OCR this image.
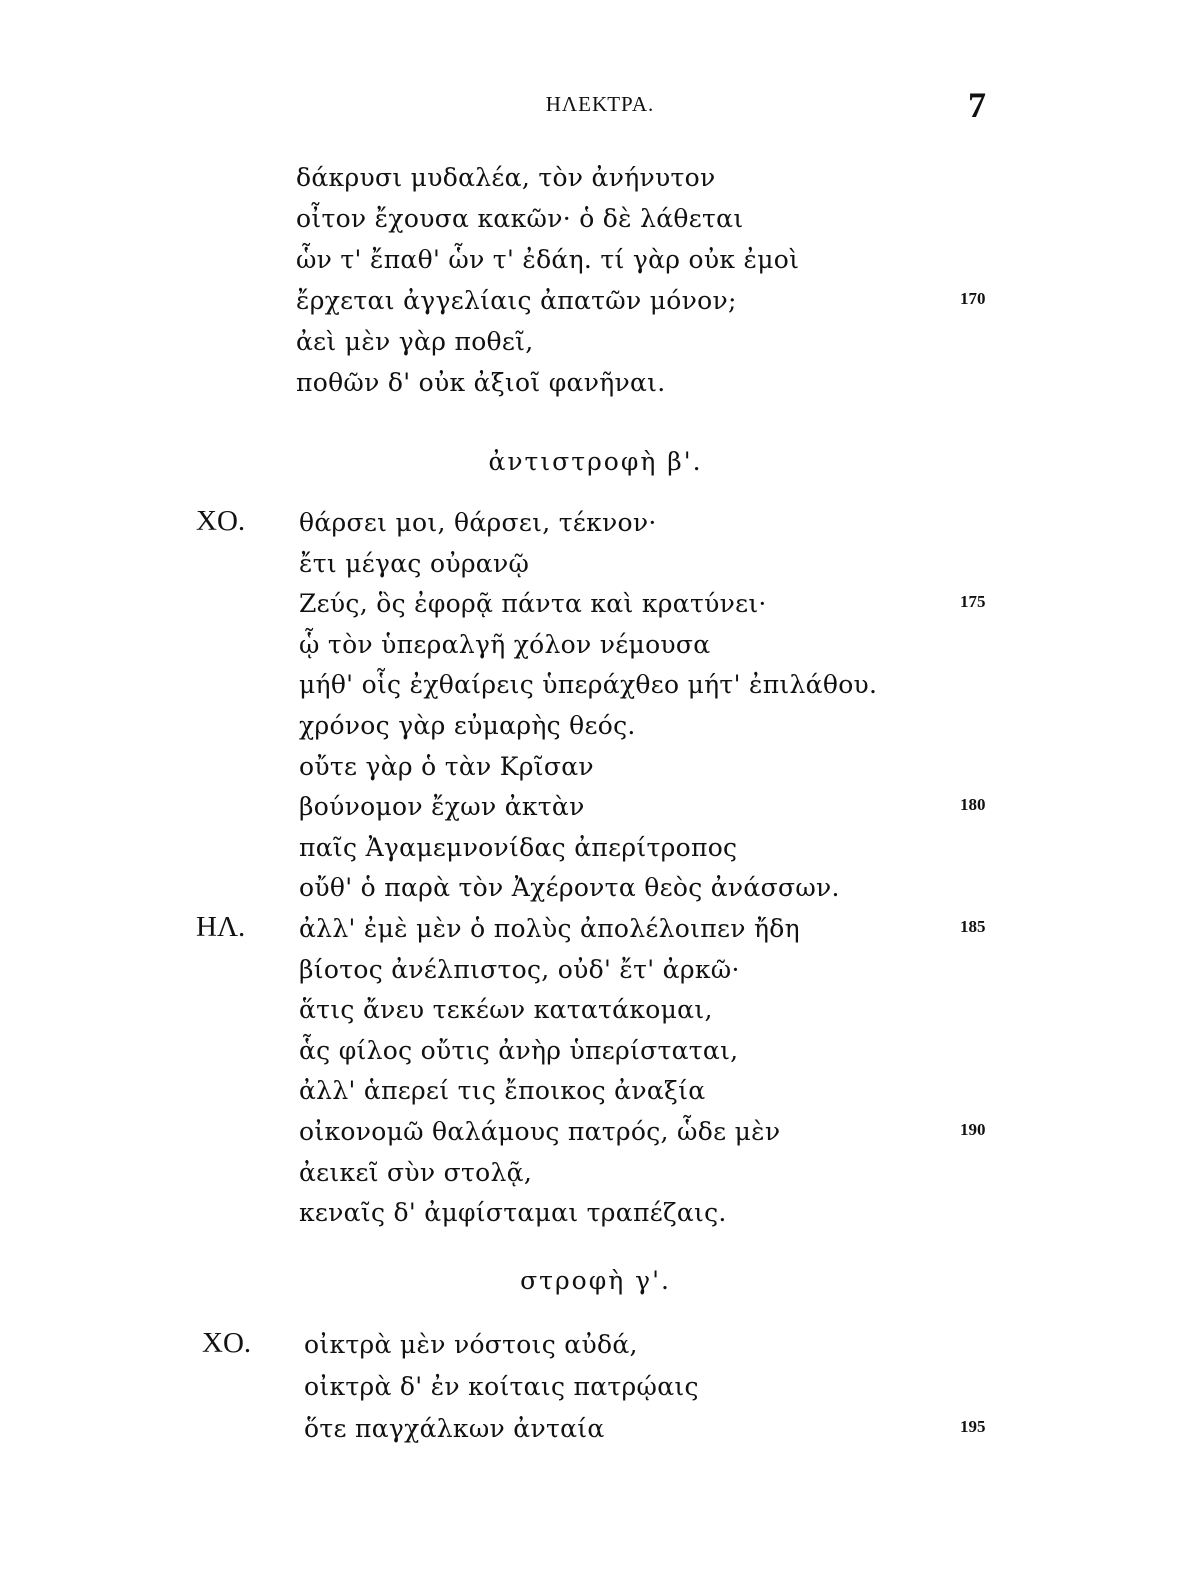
ΗΛΕΚΤΡΑ.	7
δάκρυσι μυδαλέα, τὸν ἀνήνυτον
οἶτον ἔχουσα κακῶν· ὁ δὲ λάθεται
ὧν τ' ἔπαθ' ὧν τ' ἐδάη. τί γὰρ οὐκ ἐμοὶ
ἔρχεται ἀγγελίαις ἀπατῶν μόνον;	170
ἀεὶ μὲν γὰρ ποθεῖ,
ποθῶν δ' οὐκ ἀξιοῖ φανῆναι.
ἀντιστροφὴ β'.
ΧΟ. θάρσει μοι, θάρσει, τέκνον·
ἔτι μέγας οὐρανῷ
Ζεύς, ὃς ἐφορᾷ πάντα καὶ κρατύνει·	175
ᾧ τὸν ὑπεραλγῆ χόλον νέμουσα
μήθ' οἷς ἐχθαίρεις ὑπεράχθεο μήτ' ἐπιλάθου.
χρόνος γὰρ εὐμαρὴς θεός.
οὔτε γὰρ ὁ τὰν Κρῖσαν
βούνομον ἔχων ἀκτὰν	180
παῖς Ἀγαμεμνονίδας ἀπερίτροπος
οὔθ' ὁ παρὰ τὸν Ἀχέροντα θεὸς ἀνάσσων.
ΗΛ. ἀλλ' ἐμὲ μὲν ὁ πολὺς ἀπολέλοιπεν ἤδη	185
βίοτος ἀνέλπιστος, οὐδ' ἔτ' ἀρκῶ·
ἅτις ἄνευ τεκέων κατατάκομαι,
ἇς φίλος οὔτις ἀνὴρ ὑπερίσταται,
ἀλλ' ἁπερεί τις ἔποικος ἀναξία
οἰκονομῶ θαλάμους πατρός, ὧδε μὲν	190
ἀεικεῖ σὺν στολᾷ,
κεναῖς δ' ἀμφίσταμαι τραπέζαις.
στροφὴ γ'.
ΧΟ. οἰκτρὰ μὲν νόστοις αὐδά,
οἰκτρὰ δ' ἐν κοίταις πατρῴαις
ὅτε παγχάλκων ἀνταία	195
